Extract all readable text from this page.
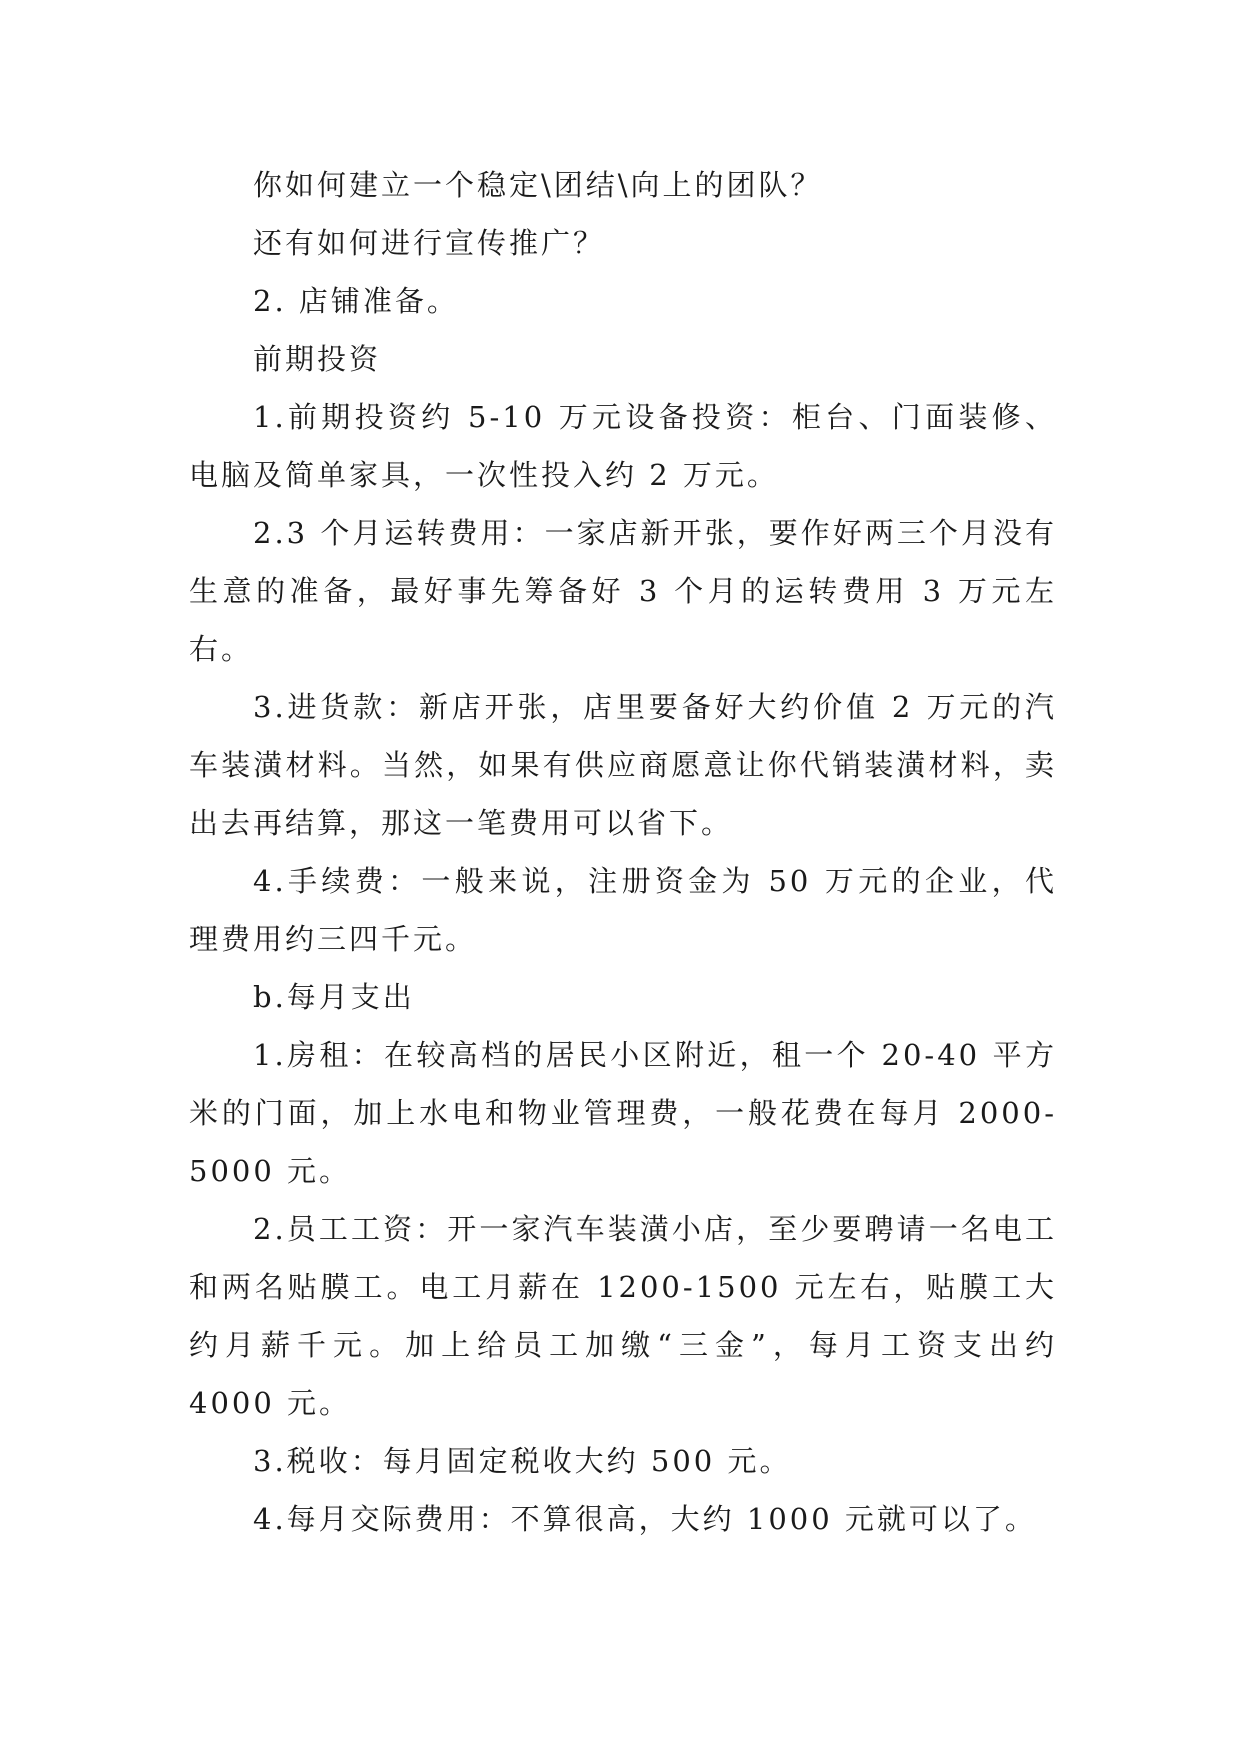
你如何建立一个稳定\团结\向上的团队？

还有如何进行宣传推广？

2. 店铺准备。

前期投资

1.前期投资约 5-10 万元设备投资：柜台、门面装修、电脑及简单家具，一次性投入约 2 万元。

2.3 个月运转费用：一家店新开张，要作好两三个月没有生意的准备，最好事先筹备好 3 个月的运转费用 3 万元左右。

3.进货款：新店开张，店里要备好大约价值 2 万元的汽车装潢材料。当然，如果有供应商愿意让你代销装潢材料，卖出去再结算，那这一笔费用可以省下。

4.手续费：一般来说，注册资金为 50 万元的企业，代理费用约三四千元。

b.每月支出

1.房租：在较高档的居民小区附近，租一个 20-40 平方米的门面，加上水电和物业管理费，一般花费在每月 2000-5000 元。

2.员工工资：开一家汽车装潢小店，至少要聘请一名电工和两名贴膜工。电工月薪在 1200-1500 元左右，贴膜工大约月薪千元。加上给员工加缴“三金”，每月工资支出约 4000 元。

3.税收：每月固定税收大约 500 元。

4.每月交际费用：不算很高，大约 1000 元就可以了。
